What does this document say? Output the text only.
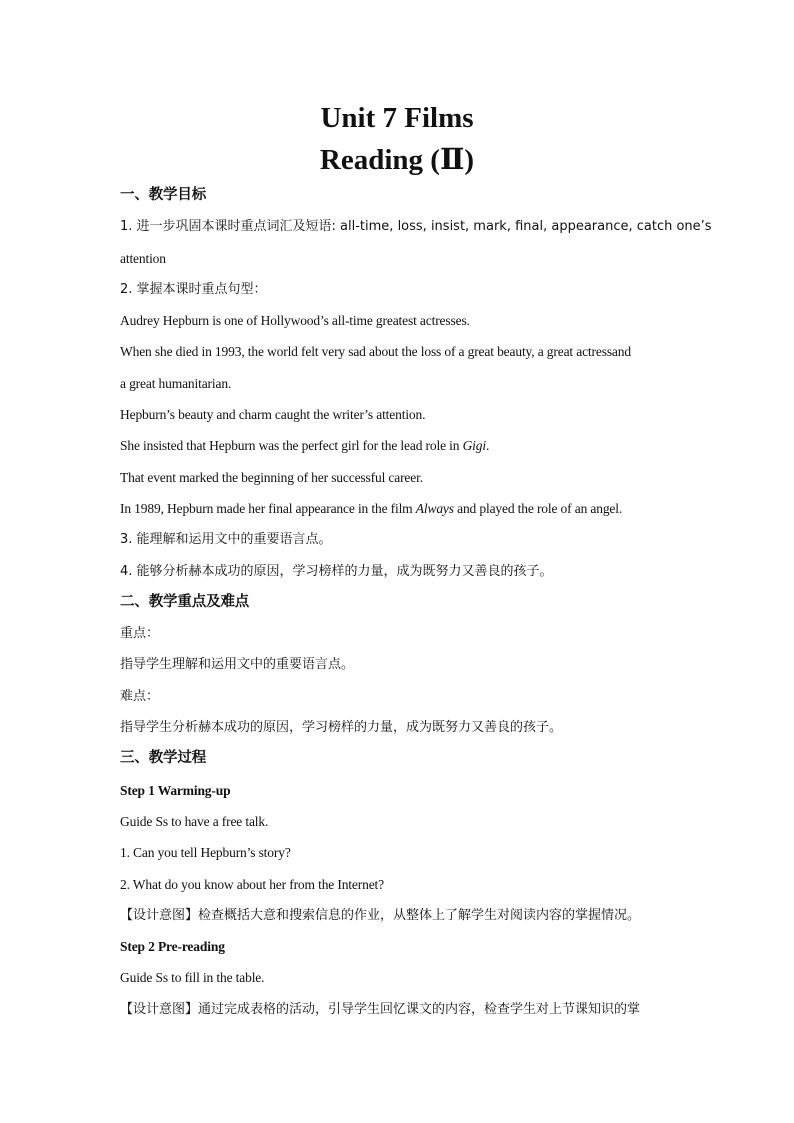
Unit 7 Films
Reading (Ⅱ)
一、教学目标
1. 进一步巩固本课时重点词汇及短语: all-time, loss, insist, mark, final, appearance, catch one’s
attention
2. 掌握本课时重点句型：
Audrey Hepburn is one of Hollywood’s all-time greatest actresses.
When she died in 1993, the world felt very sad about the loss of a great beauty, a great actressand
a great humanitarian.
Hepburn’s beauty and charm caught the writer’s attention.
She insisted that Hepburn was the perfect girl for the lead role in Gigi.
That event marked the beginning of her successful career.
In 1989, Hepburn made her final appearance in the film Always and played the role of an angel.
3. 能理解和运用文中的重要语言点。
4. 能够分析赫本成功的原因，学习榜样的力量，成为既努力又善良的孩子。
二、教学重点及难点
重点：
指导学生理解和运用文中的重要语言点。
难点：
指导学生分析赫本成功的原因，学习榜样的力量，成为既努力又善良的孩子。
三、教学过程
Step 1 Warming-up
Guide Ss to have a free talk.
1. Can you tell Hepburn’s story?
2. What do you know about her from the Internet?
【设计意图】检查概括大意和搜索信息的作业，从整体上了解学生对阅读内容的掌握情况。
Step 2 Pre-reading
Guide Ss to fill in the table.
【设计意图】通过完成表格的活动，引导学生回忆课文的内容，检查学生对上节课知识的掌
